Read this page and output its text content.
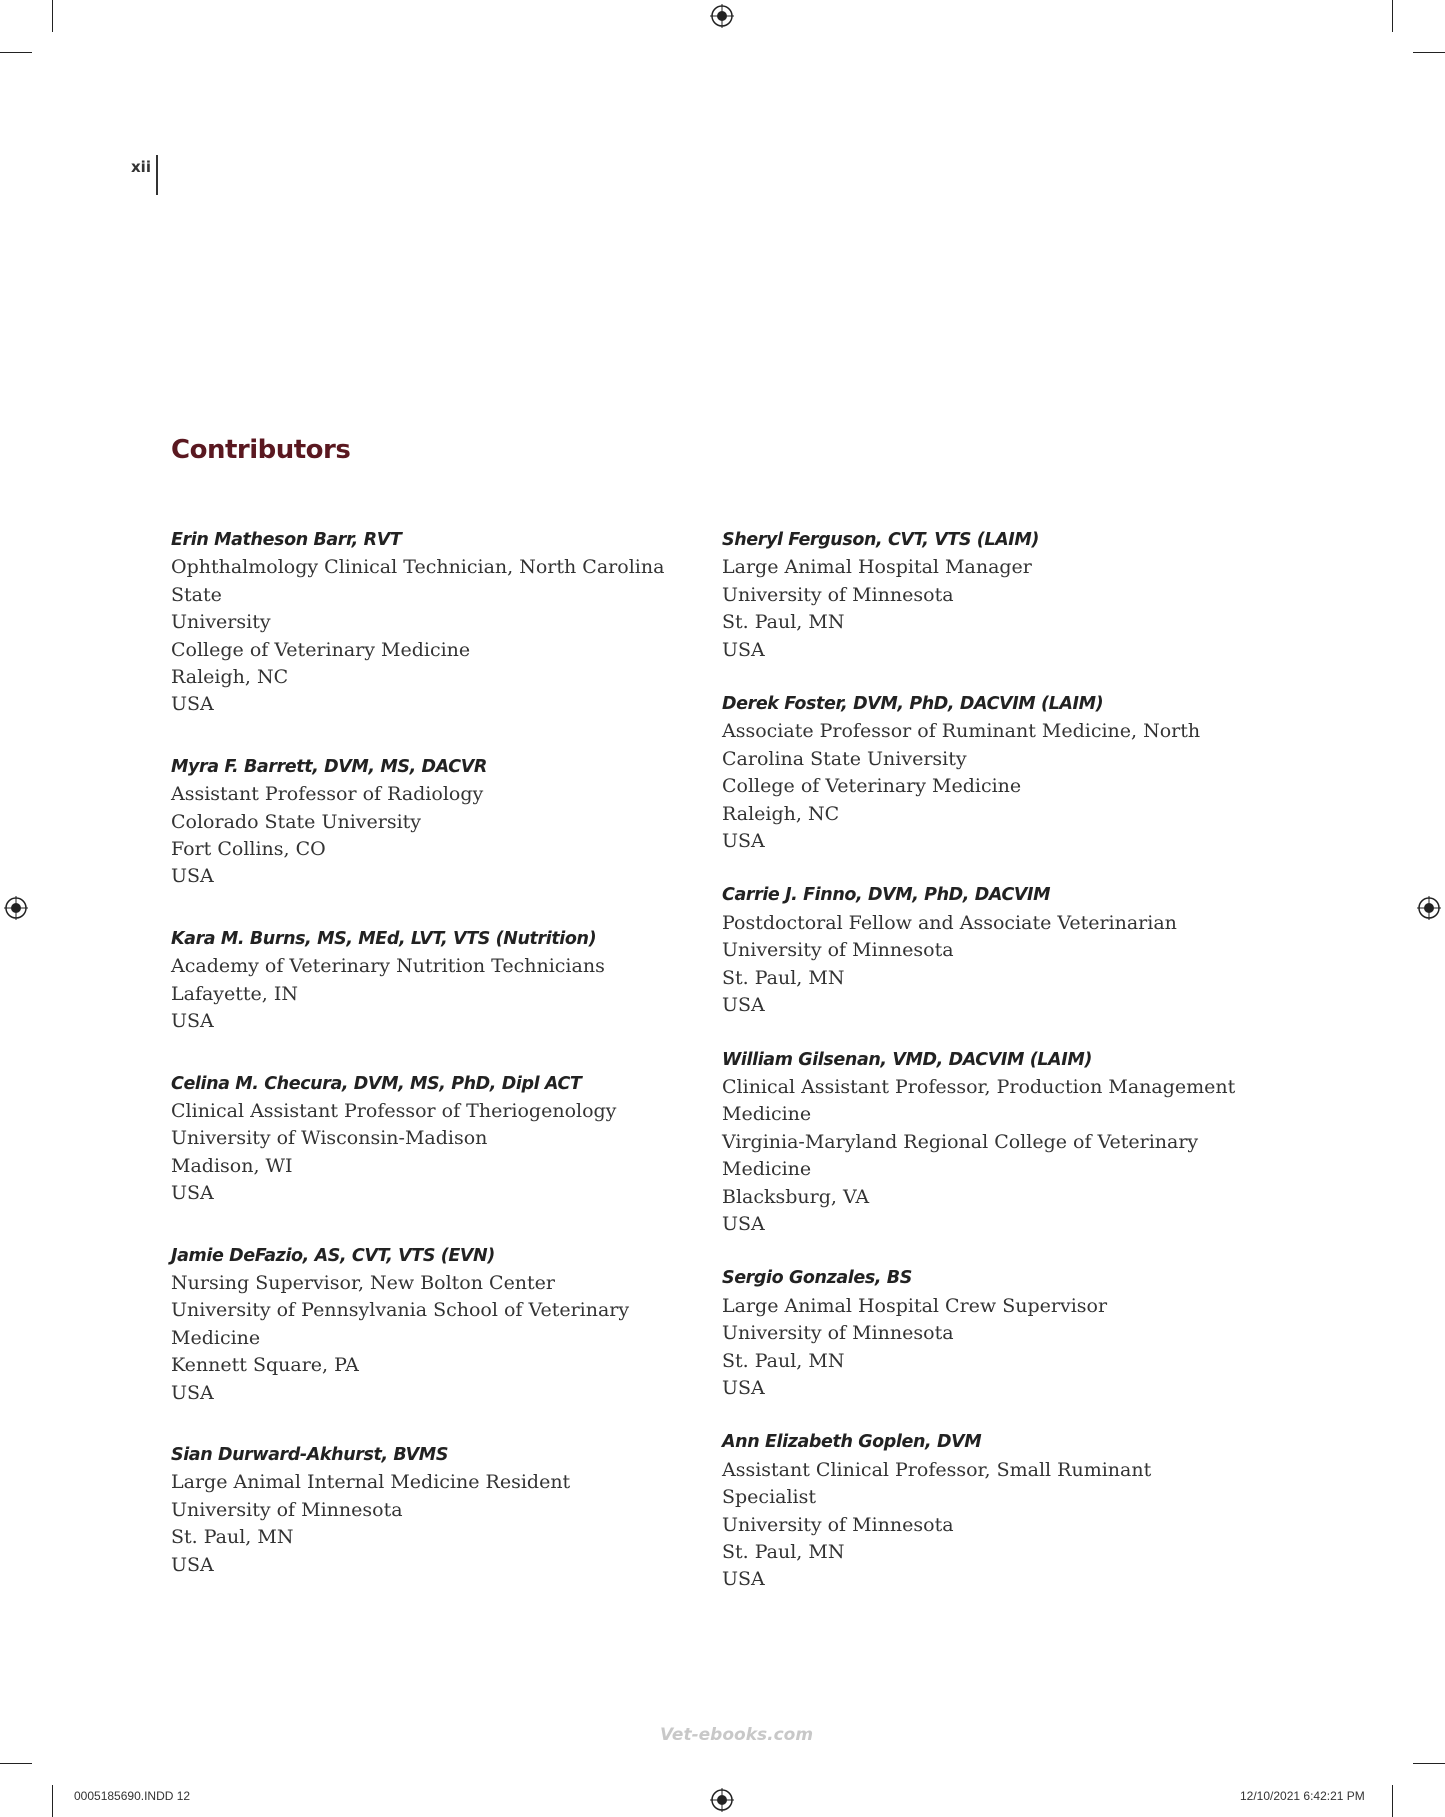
xii
Contributors
Erin Matheson Barr, RVT
Ophthalmology Clinical Technician, North Carolina State
University
College of Veterinary Medicine
Raleigh, NC
USA
Myra F. Barrett, DVM, MS, DACVR
Assistant Professor of Radiology
Colorado State University
Fort Collins, CO
USA
Kara M. Burns, MS, MEd, LVT, VTS (Nutrition)
Academy of Veterinary Nutrition Technicians
Lafayette, IN
USA
Celina M. Checura, DVM, MS, PhD, Dipl ACT
Clinical Assistant Professor of Theriogenology
University of Wisconsin-Madison
Madison, WI
USA
Jamie DeFazio, AS, CVT, VTS (EVN)
Nursing Supervisor, New Bolton Center
University of Pennsylvania School of Veterinary
Medicine
Kennett Square, PA
USA
Sian Durward-Akhurst, BVMS
Large Animal Internal Medicine Resident
University of Minnesota
St. Paul, MN
USA
Sheryl Ferguson, CVT, VTS (LAIM)
Large Animal Hospital Manager
University of Minnesota
St. Paul, MN
USA
Derek Foster, DVM, PhD, DACVIM (LAIM)
Associate Professor of Ruminant Medicine, North
Carolina State University
College of Veterinary Medicine
Raleigh, NC
USA
Carrie J. Finno, DVM, PhD, DACVIM
Postdoctoral Fellow and Associate Veterinarian
University of Minnesota
St. Paul, MN
USA
William Gilsenan, VMD, DACVIM (LAIM)
Clinical Assistant Professor, Production Management
Medicine
Virginia-Maryland Regional College of Veterinary
Medicine
Blacksburg, VA
USA
Sergio Gonzales, BS
Large Animal Hospital Crew Supervisor
University of Minnesota
St. Paul, MN
USA
Ann Elizabeth Goplen, DVM
Assistant Clinical Professor, Small Ruminant Specialist
University of Minnesota
St. Paul, MN
USA
Vet-ebooks.com
0005185690.INDD 12	12/10/2021 6:42:21 PM
